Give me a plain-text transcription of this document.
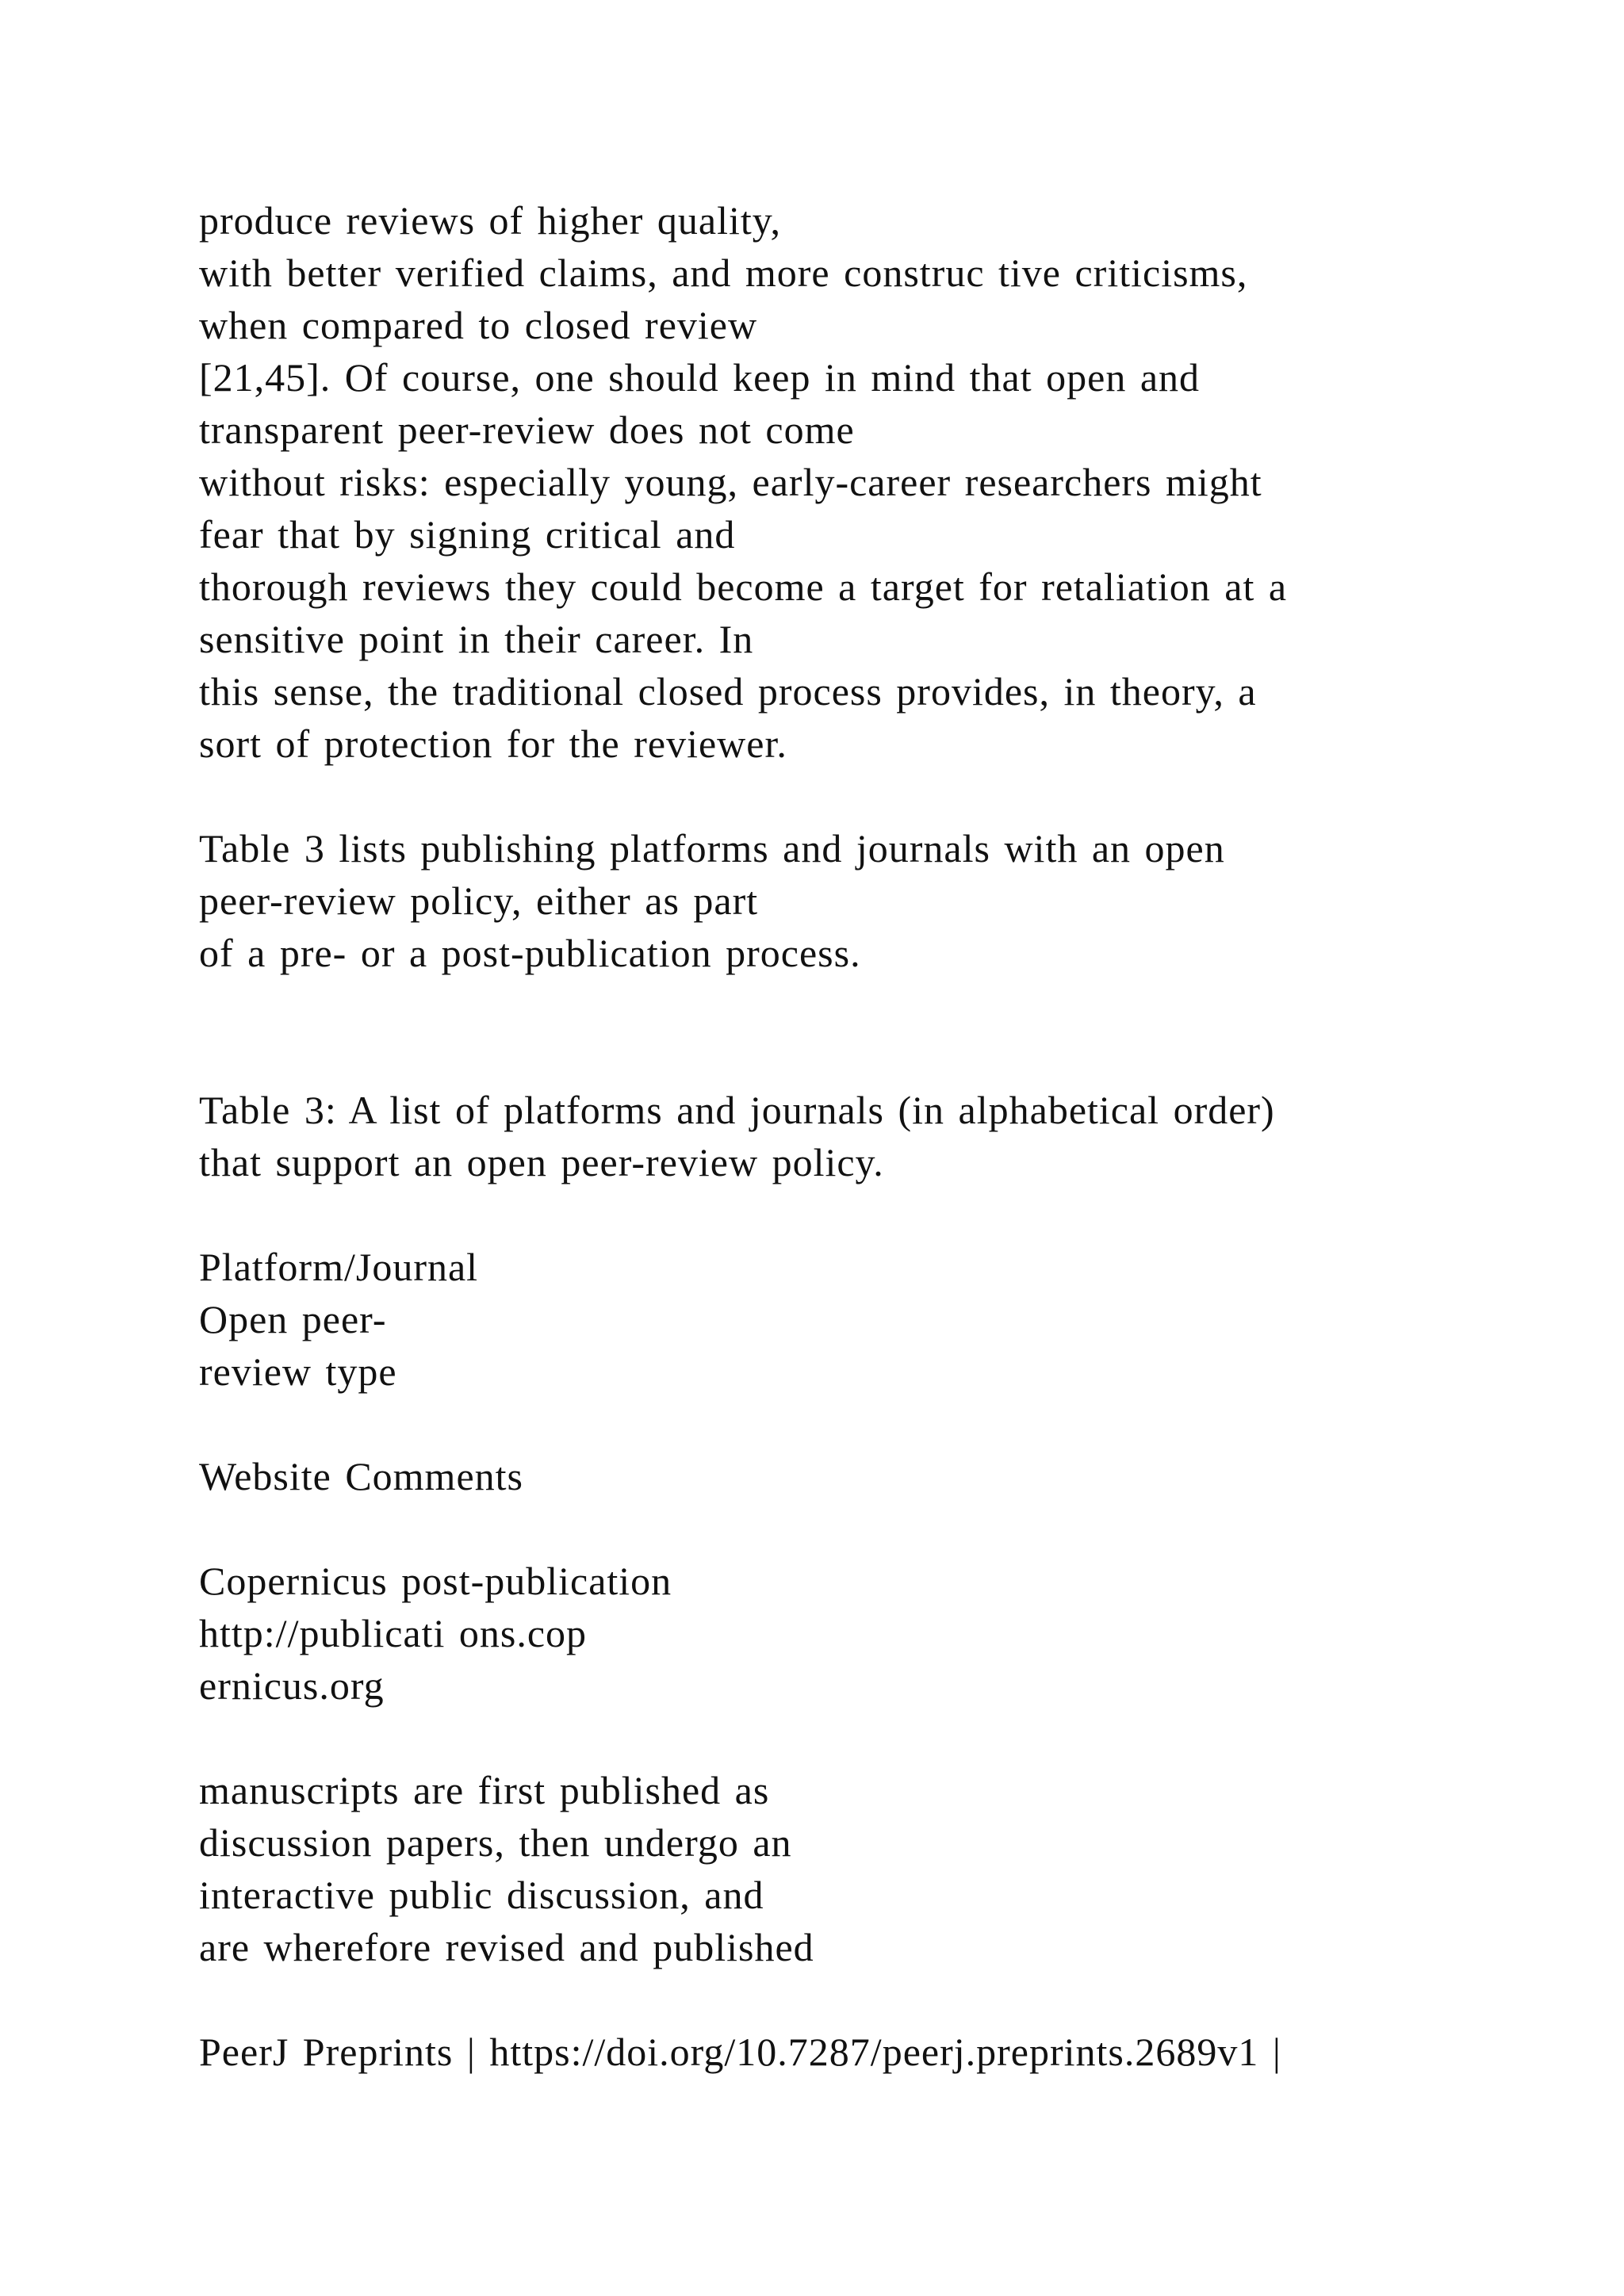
produce reviews of higher quality,
with better verified claims, and more construc tive criticisms,
when compared to closed review
[21,45]. Of course, one should keep in mind that open and
transparent peer-review does not come
without risks: especially young, early-career researchers might
fear that by signing critical and
thorough reviews they could become a target for retaliation at a
sensitive point in their career. In
this sense, the traditional closed process provides, in theory, a
sort of protection for the reviewer.

Table 3 lists publishing platforms and journals with an open
peer-review policy, either as part
of a pre- or a post-publication process.

Table 3: A list of platforms and journals (in alphabetical order)
that support an open peer-review policy.

Platform/Journal
Open peer-
review type

Website Comments

Copernicus post-publication
http://publicati ons.cop
ernicus.org

manuscripts are first published as
discussion papers, then undergo an
interactive public discussion, and
are wherefore revised and published

PeerJ Preprints | https://doi.org/10.7287/peerj.preprints.2689v1 |
